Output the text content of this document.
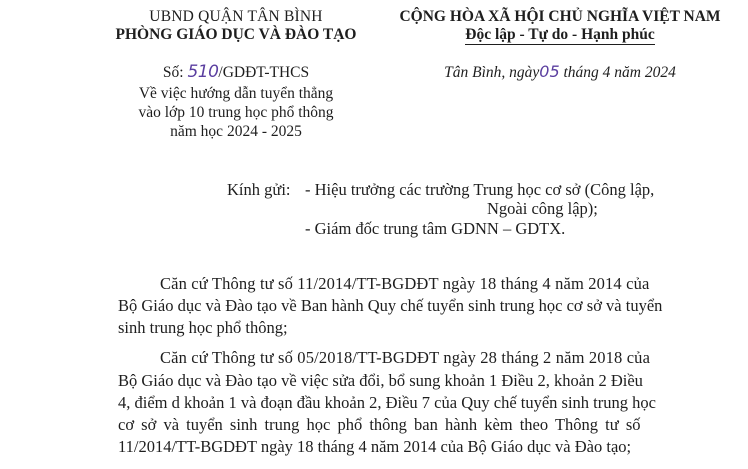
UBND QUẬN TÂN BÌNH
PHÒNG GIÁO DỤC VÀ ĐÀO TẠO
CỘNG HÒA XÃ HỘI CHỦ NGHĨA VIỆT NAM
Độc lập - Tự do - Hạnh phúc
Số: 510/GDĐT-THCS	Tân Bình, ngày05 tháng 4 năm 2024
Về việc hướng dẫn tuyển thẳng
vào lớp 10 trung học phổ thông
năm học 2024 - 2025
Kính gửi: - Hiệu trưởng các trường Trung học cơ sở (Công lập,
Ngoài công lập);
- Giám đốc trung tâm GDNN – GDTX.
Căn cứ Thông tư số 11/2014/TT-BGDĐT ngày 18 tháng 4 năm 2014 của
Bộ Giáo dục và Đào tạo về Ban hành Quy chế tuyển sinh trung học cơ sở và tuyển
sinh trung học phổ thông;
Căn cứ Thông tư số 05/2018/TT-BGDĐT ngày 28 tháng 2 năm 2018 của
Bộ Giáo dục và Đào tạo về việc sửa đổi, bổ sung khoản 1 Điều 2, khoản 2 Điều
4, điểm d khoản 1 và đoạn đầu khoản 2, Điều 7 của Quy chế tuyển sinh trung học
cơ sở và tuyển sinh trung học phổ thông ban hành kèm theo Thông tư số
11/2014/TT-BGDĐT ngày 18 tháng 4 năm 2014 của Bộ Giáo dục và Đào tạo;
